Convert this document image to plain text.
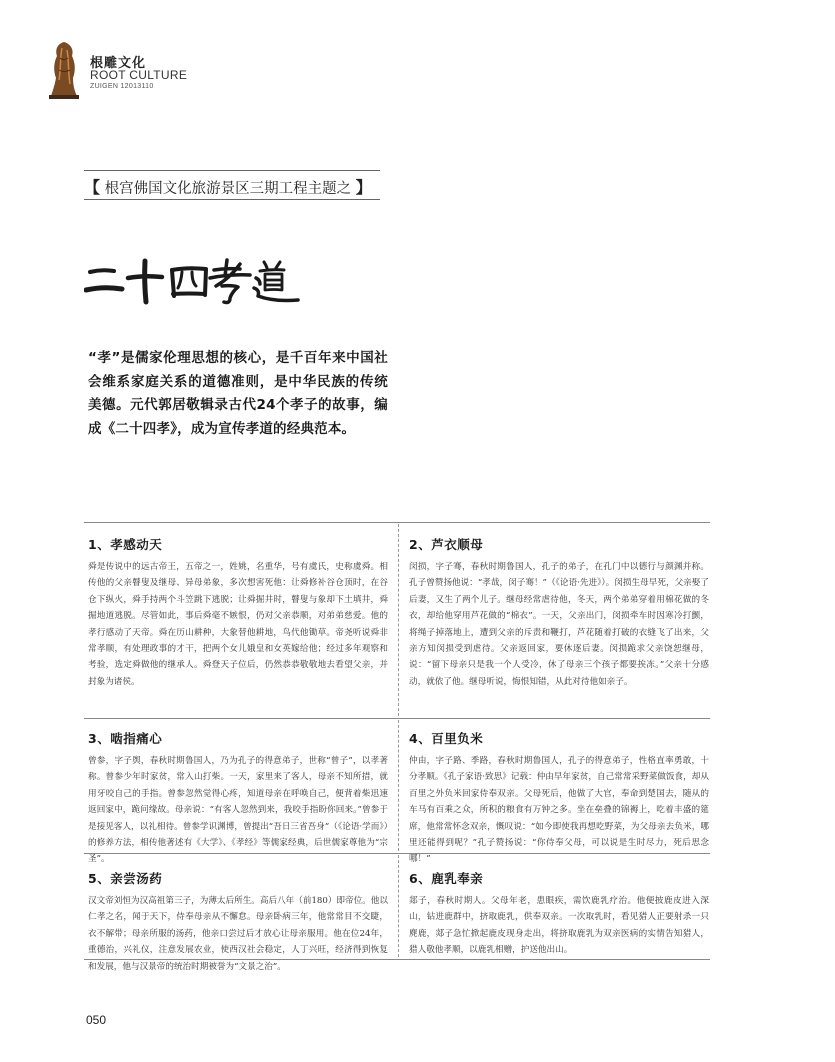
根雕文化
ROOT CULTURE
ZUIGEN 12013110
【 根宫佛国文化旅游景区三期工程主题之 】
“孝”是儒家伦理思想的核心，是千百年来中国社会维系家庭关系的道德准则，是中华民族的传统美德。元代郭居敬辑录古代24个孝子的故事，编成《二十四孝》，成为宣传孝道的经典范本。
1、孝感动天

舜是传说中的远古帝王，五帝之一，姓姚，名重华，号有虞氏，史称虞舜。相传他的父亲瞽叟及继母、异母弟象，多次想害死他：让舜修补谷仓顶时，在谷仓下纵火，舜手持两个斗笠跳下逃脱；让舜掘井时，瞽叟与象却下土填井，舜掘地道逃脱。尽管如此，事后舜毫不嫉恨，仍对父亲恭顺，对弟弟慈爱。他的孝行感动了天帝。舜在历山耕种，大象替他耕地，鸟代他锄草。帝尧听说舜非常孝顺，有处理政事的才干，把两个女儿娥皇和女英嫁给他；经过多年观察和考验，选定舜做他的继承人。舜登天子位后，仍然恭恭敬敬地去看望父亲，并封象为诸侯。

2、芦衣顺母

闵损，字子骞，春秋时期鲁国人，孔子的弟子，在孔门中以德行与颜渊并称。孔子曾赞扬他说：“孝哉，闵子骞！”（《论语·先进》）。闵损生母早死，父亲娶了后妻，又生了两个儿子。继母经常虐待他，冬天，两个弟弟穿着用棉花做的冬衣，却给他穿用芦花做的“棉衣”。一天，父亲出门，闵损牵车时因寒冷打颤，将绳子掉落地上，遭到父亲的斥责和鞭打，芦花随着打破的衣缝飞了出来，父亲方知闵损受到虐待。父亲返回家，要休逐后妻。闵损跪求父亲饶恕继母，说：“留下母亲只是我一个人受冷，休了母亲三个孩子都要挨冻。”父亲十分感动，就依了他。继母听说，悔恨知错，从此对待他如亲子。

3、啮指痛心

曾参，字子舆，春秋时期鲁国人，乃为孔子的得意弟子，世称“曾子”，以孝著称。曾参少年时家贫，常入山打柴。一天，家里来了客人，母亲不知所措，就用牙咬自己的手指。曾参忽然觉得心疼，知道母亲在呼唤自己，便背着柴迅速返回家中，跪问缘故。母亲说：“有客人忽然到来，我咬手指盼你回来。”曾参于是接见客人，以礼相待。曾参学识渊博，曾提出“吾日三省吾身”（《论语·学而》）的修养方法，相传他著述有《大学》、《孝经》等儒家经典，后世儒家尊他为“宗圣”。

4、百里负米

仲由，字子路、季路，春秋时期鲁国人，孔子的得意弟子，性格直率勇敢，十分孝顺。《孔子家语·致思》记载：仲由早年家贫，自己常常采野菜做饭食，却从百里之外负米回家侍奉双亲。父母死后，他做了大官，奉命到楚国去，随从的车马有百乘之众，所积的粮食有万钟之多。坐在垒叠的锦褥上，吃着丰盛的筵席，他常常怀念双亲，慨叹说：“如今即使我再想吃野菜，为父母亲去负米，哪里还能得到呢？”孔子赞扬说：“你侍奉父母，可以说是生时尽力，死后思念哪！”

5、亲尝汤药

汉文帝刘恒为汉高祖第三子，为薄太后所生。高后八年（前180）即帝位。他以仁孝之名，闻于天下，侍奉母亲从不懈怠。母亲卧病三年，他常常目不交睫，衣不解带；母亲所服的汤药，他亲口尝过后才放心让母亲服用。他在位24年，重德治，兴礼仪，注意发展农业，使西汉社会稳定，人丁兴旺，经济得到恢复和发展，他与汉景帝的统治时期被誉为“文景之治”。

6、鹿乳奉亲

郯子，春秋时期人。父母年老，患眼疾，需饮鹿乳疗治。他便披鹿皮进入深山，钻进鹿群中，挤取鹿乳，供奉双亲。一次取乳时，看见猎人正要射杀一只麂鹿，郯子急忙掀起鹿皮现身走出，将挤取鹿乳为双亲医病的实情告知猎人，猎人敬他孝顺，以鹿乳相赠，护送他出山。

050
